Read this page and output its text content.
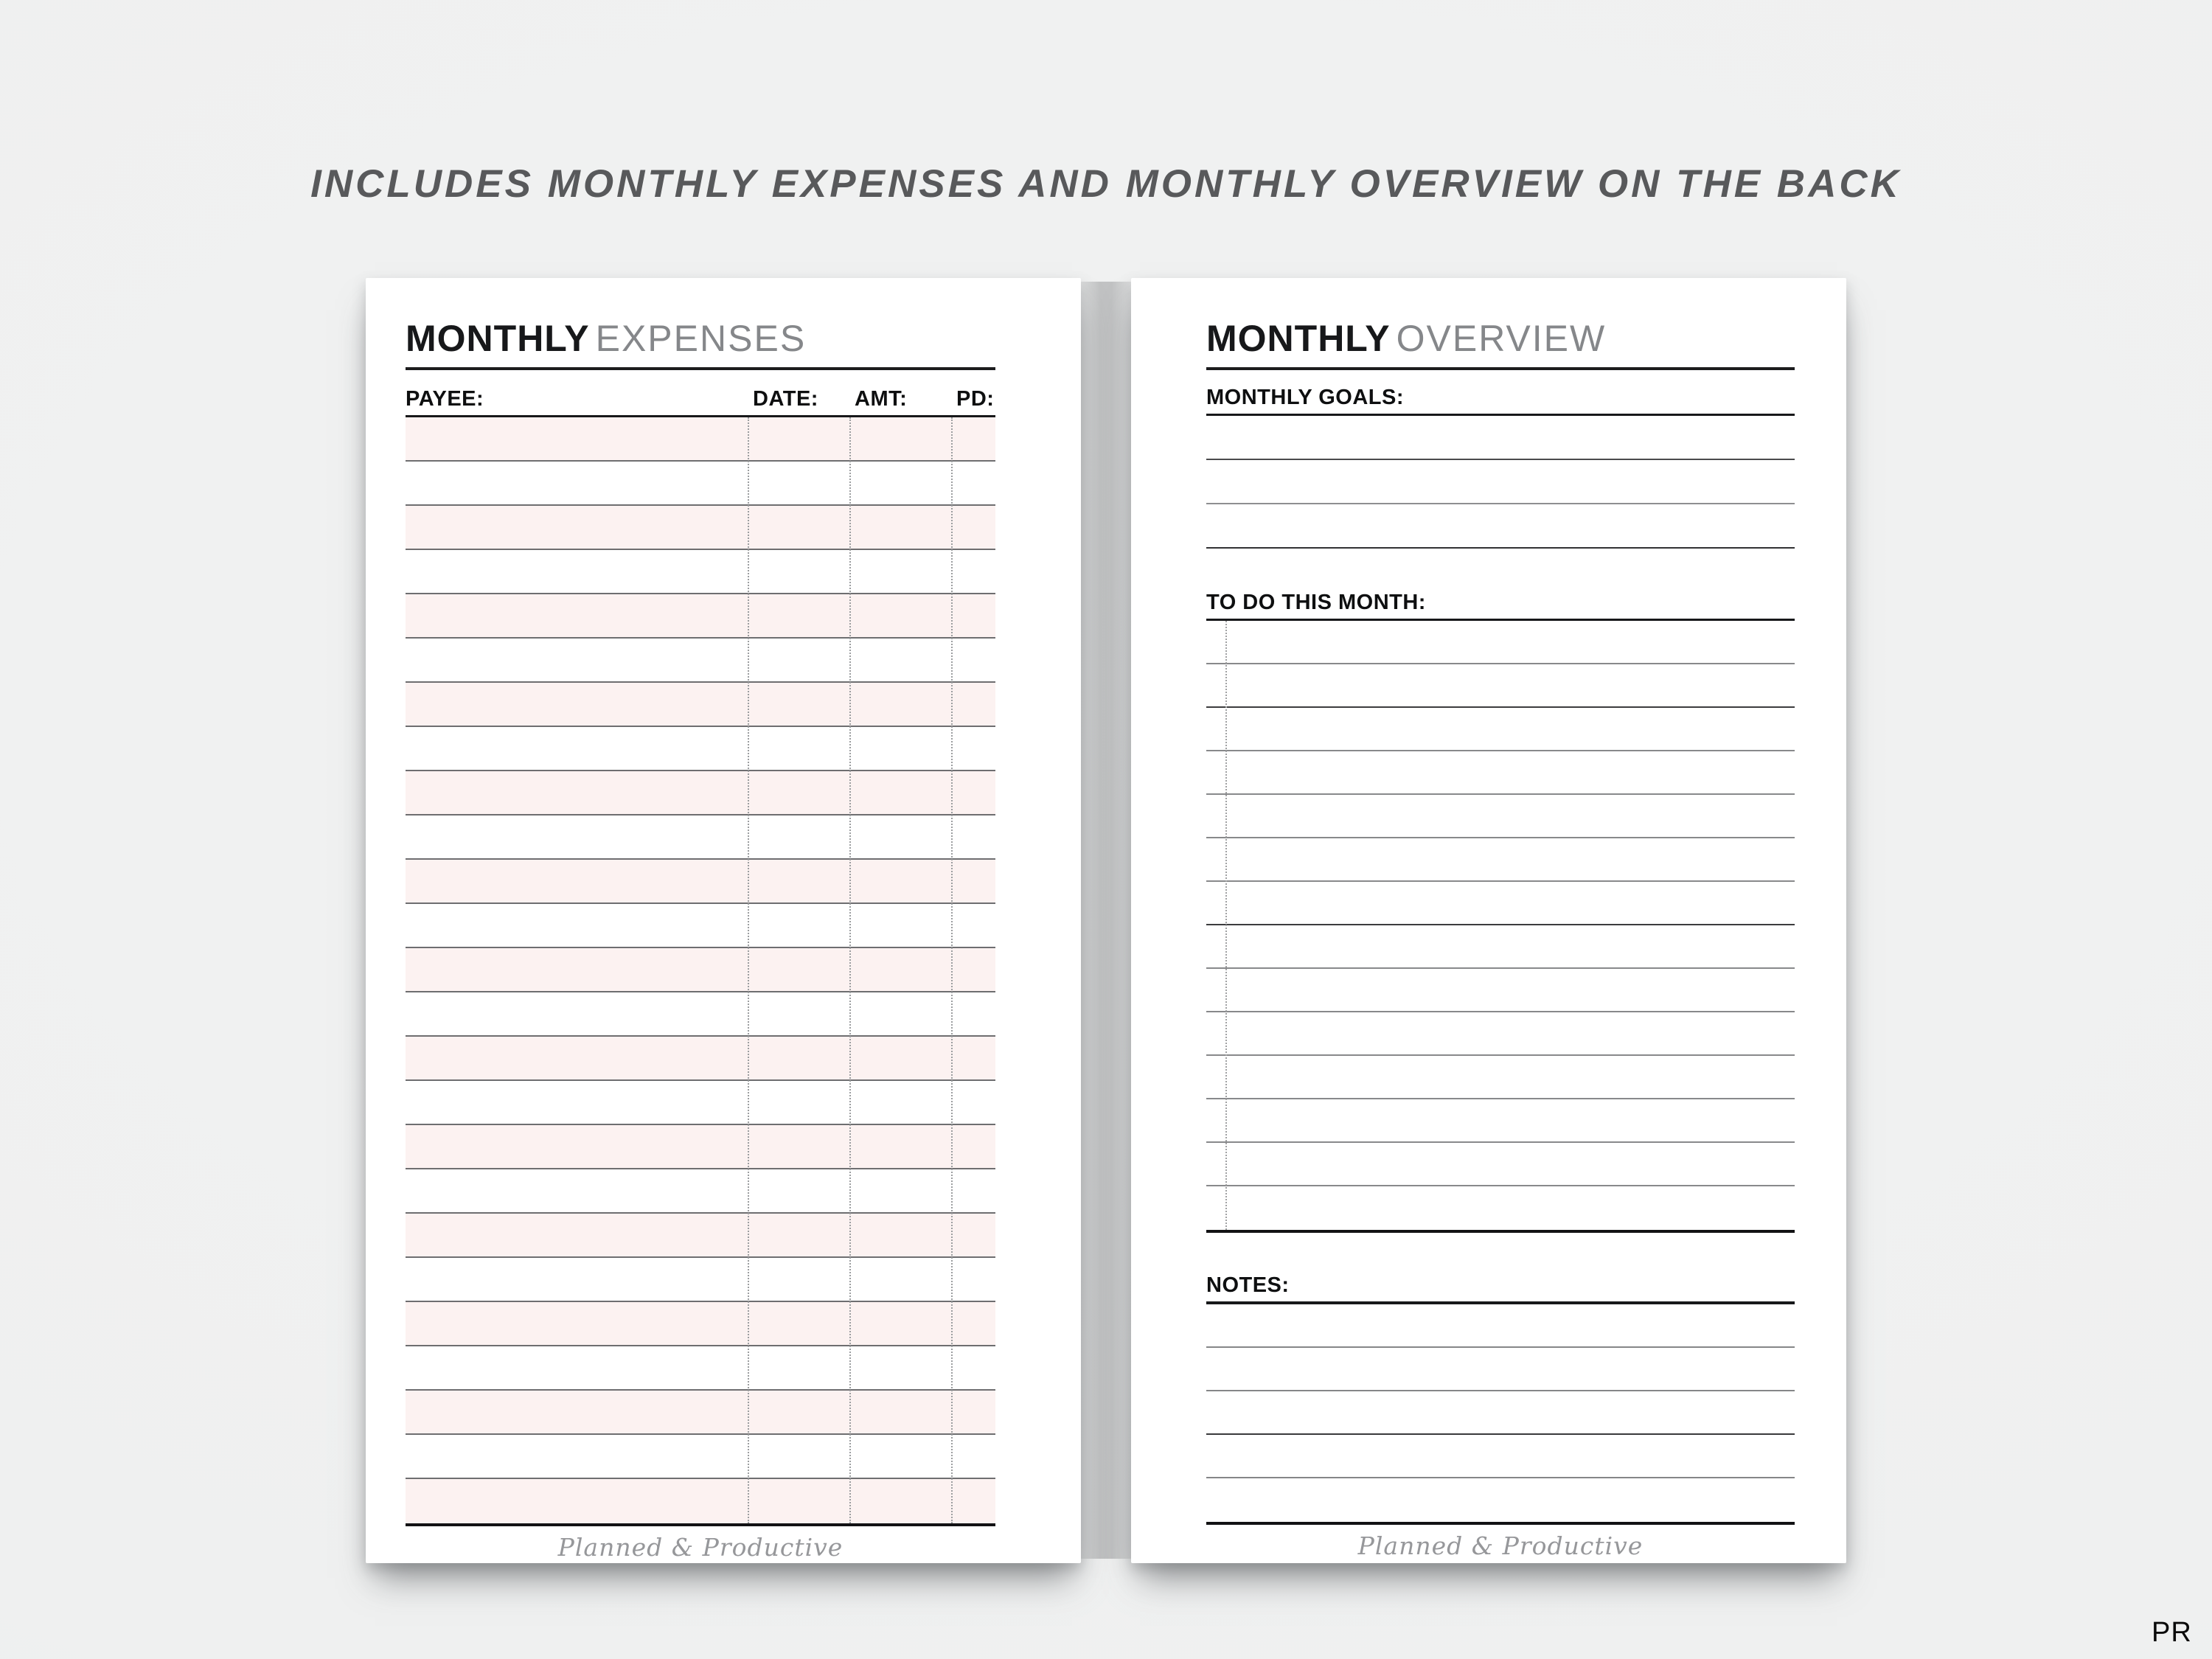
INCLUDES MONTHLY EXPENSES AND MONTHLY OVERVIEW ON THE BACK
MONTHLY EXPENSES
PAYEE:	DATE:	AMT:	PD:
Planned & Productive
MONTHLY OVERVIEW
MONTHLY GOALS:
TO DO THIS MONTH:
NOTES:
Planned & Productive
PR
